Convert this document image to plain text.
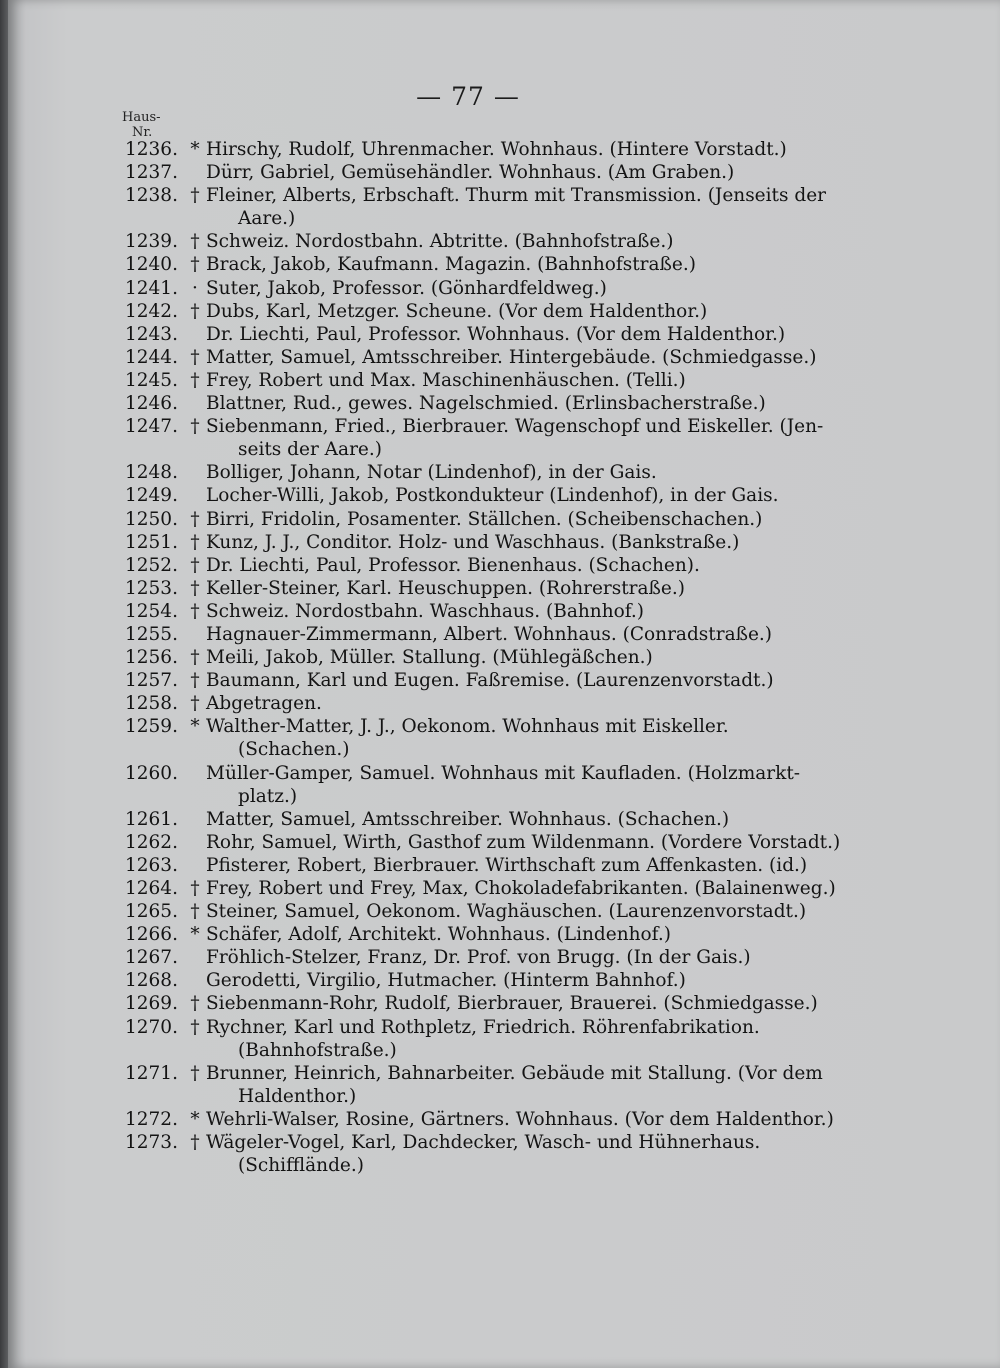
— 77 —
Haus-
Nr.
1236. * Hirschy, Rudolf, Uhrenmacher. Wohnhaus. (Hintere Vorstadt.)
1237.	Dürr, Gabriel, Gemüsehändler. Wohnhaus. (Am Graben.)
1238. † Fleiner, Alberts, Erbschaft. Thurm mit Transmission. (Jenseits der
Aare.)
1239. † Schweiz. Nordostbahn. Abtritte. (Bahnhofstraße.)
1240. † Brack, Jakob, Kaufmann. Magazin. (Bahnhofstraße.)
1241. · Suter, Jakob, Professor. (Gönhardfeldweg.)
1242. † Dubs, Karl, Metzger. Scheune. (Vor dem Haldenthor.)
1243.	Dr. Liechti, Paul, Professor. Wohnhaus. (Vor dem Haldenthor.)
1244. † Matter, Samuel, Amtsschreiber. Hintergebäude. (Schmiedgasse.)
1245. † Frey, Robert und Max. Maschinenhäuschen. (Telli.)
1246.	Blattner, Rud., gewes. Nagelschmied. (Erlinsbacherstraße.)
1247. † Siebenmann, Fried., Bierbrauer. Wagenschopf und Eiskeller. (Jen-
seits der Aare.)
1248.	Bolliger, Johann, Notar (Lindenhof), in der Gais.
1249.	Locher-Willi, Jakob, Postkondukteur (Lindenhof), in der Gais.
1250. † Birri, Fridolin, Posamenter. Ställchen. (Scheibenschachen.)
1251. † Kunz, J. J., Conditor. Holz- und Waschhaus. (Bankstraße.)
1252. † Dr. Liechti, Paul, Professor. Bienenhaus. (Schachen).
1253. † Keller-Steiner, Karl. Heuschuppen. (Rohrerstraße.)
1254. † Schweiz. Nordostbahn. Waschhaus. (Bahnhof.)
1255.	Hagnauer-Zimmermann, Albert. Wohnhaus. (Conradstraße.)
1256. † Meili, Jakob, Müller. Stallung. (Mühlegäßchen.)
1257. † Baumann, Karl und Eugen. Faßremise. (Laurenzenvorstadt.)
1258. † Abgetragen.
1259. * Walther-Matter, J. J., Oekonom. Wohnhaus mit Eiskeller.
(Schachen.)
1260.	Müller-Gamper, Samuel. Wohnhaus mit Kaufladen. (Holzmarkt-
platz.)
1261.	Matter, Samuel, Amtsschreiber. Wohnhaus. (Schachen.)
1262.	Rohr, Samuel, Wirth, Gasthof zum Wildenmann. (Vordere Vorstadt.)
1263.	Pfisterer, Robert, Bierbrauer. Wirthschaft zum Affenkasten. (id.)
1264. † Frey, Robert und Frey, Max, Chokoladefabrikanten. (Balainenweg.)
1265. † Steiner, Samuel, Oekonom. Waghäuschen. (Laurenzenvorstadt.)
1266. * Schäfer, Adolf, Architekt. Wohnhaus. (Lindenhof.)
1267.	Fröhlich-Stelzer, Franz, Dr. Prof. von Brugg. (In der Gais.)
1268.	Gerodetti, Virgilio, Hutmacher. (Hinterm Bahnhof.)
1269. † Siebenmann-Rohr, Rudolf, Bierbrauer, Brauerei. (Schmiedgasse.)
1270. † Rychner, Karl und Rothpletz, Friedrich. Röhrenfabrikation.
(Bahnhofstraße.)
1271. † Brunner, Heinrich, Bahnarbeiter. Gebäude mit Stallung. (Vor dem
Haldenthor.)
1272. * Wehrli-Walser, Rosine, Gärtners. Wohnhaus. (Vor dem Haldenthor.)
1273. † Wägeler-Vogel, Karl, Dachdecker, Wasch- und Hühnerhaus.
(Schiffländе.)
